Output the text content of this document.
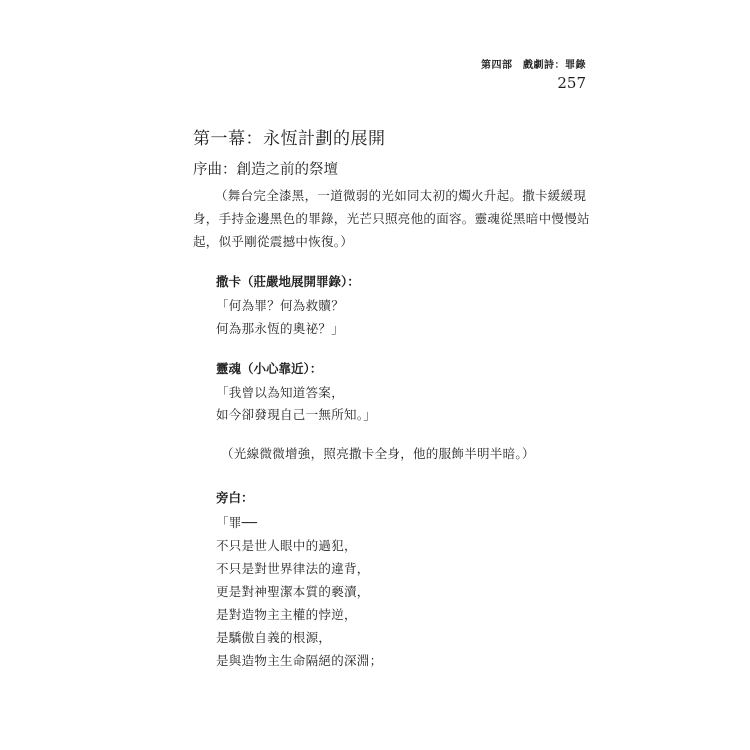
第四部　戲劇詩：罪錄
257
第一幕：永恆計劃的展開
序曲：創造之前的祭壇
（舞台完全漆黑，一道微弱的光如同太初的燭火升起。撒卡緩緩現身，手持金邊黑色的罪錄，光芒只照亮他的面容。靈魂從黑暗中慢慢站起，似乎剛從震撼中恢復。）
撒卡（莊嚴地展開罪錄）：
「何為罪？何為救贖？
何為那永恆的奧祕？」
靈魂（小心靠近）：
「我曾以為知道答案，
如今卻發現自己一無所知。」
（光線微微增強，照亮撒卡全身，他的服飾半明半暗。）
旁白：
「罪──
不只是世人眼中的過犯，
不只是對世界律法的違背，
更是對神聖潔本質的褻瀆，
是對造物主主權的悖逆，
是驕傲自義的根源，
是與造物主生命隔絕的深淵；
